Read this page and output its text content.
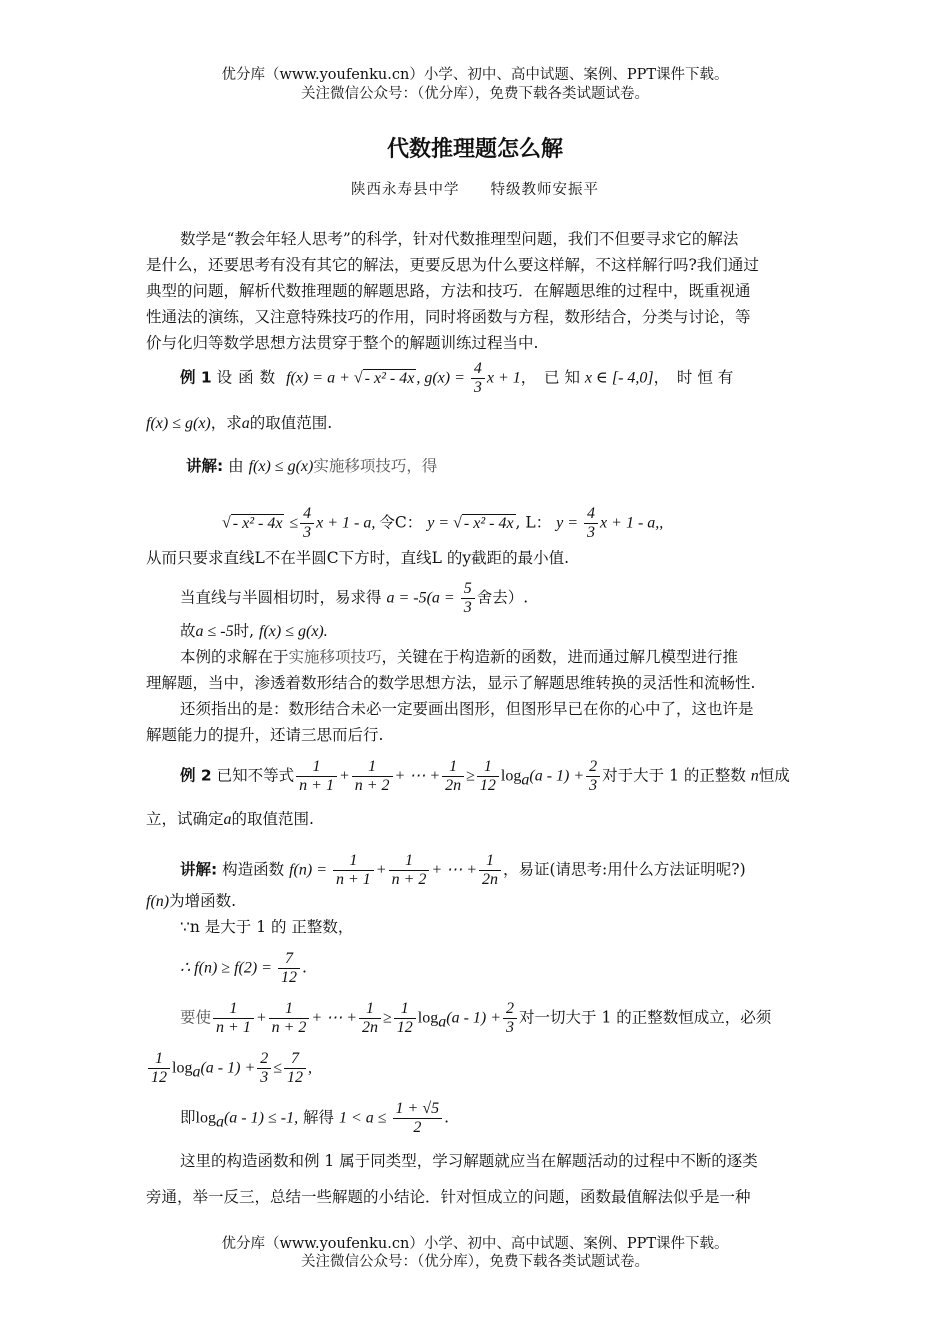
优分库（www.youfenku.cn）小学、初中、高中试题、案例、PPT课件下载。
关注微信公众号：（优分库），免费下载各类试题试卷。
代数推理题怎么解
陕西永寿县中学　　特级教师安振平
数学是“教会年轻人思考”的科学，针对代数推理型问题，我们不但要寻求它的解法
是什么，还要思考有没有其它的解法，更要反思为什么要这样解，不这样解行吗?我们通过
典型的问题，解析代数推理题的解题思路，方法和技巧．在解题思维的过程中，既重视通
性通法的演练，又注意特殊技巧的作用，同时将函数与方程，数形结合，分类与讨论，等
价与化归等数学思想方法贯穿于整个的解题训练过程当中.
例 1 设函数 f(x) = a + √ - x² - 4x , $g(x) = \frac{4}{3}$ x + 1，　已 知 x ∈ [- 4,0]，　时 恒 有
f(x) ≤ g(x)，求a的取值范围.
讲解: 由 f(x) ≤ g(x)实施移项技巧，得
√ - $x^2 - 4x \le \frac{4}{3}$ x + 1 - a, 令C： y = √ - x² - 4x , L： $y = \frac{4}{3}$ x + 1 - a,,
从而只要求直线L不在半圆C下方时，直线L 的y截距的最小值.
当直线与半圆相切时，易求得 $a = -5(a = \frac{5}{3}$ 舍去）.
故a ≤ -5时, f(x) ≤ g(x).
本例的求解在于实施移项技巧，关键在于构造新的函数，进而通过解几模型进行推
理解题，当中，渗透着数形结合的数学思想方法，显示了解题思维转换的灵活性和流畅性.
还须指出的是：数形结合未必一定要画出图形，但图形早已在你的心中了，这也许是
解题能力的提升，还请三思而后行.
例 2 已知不等式 $\frac{1}{n + 1} + \frac{1}{n + 2}$ + ⋯ + $\frac{1}{2n} \ge \frac{1}{12} \log_a(a - 1) + \frac{2}{3}$ 对于大于 1 的正整数 n恒成
立，试确定a的取值范围.
讲解: 构造函数 $f(n) = \frac{1}{n + 1} + \frac{1}{n + 2}$ + ⋯ + $\frac{1}{2n}$ ，易证(请思考:用什么方法证明呢?)
f(n)为增函数.
∵n 是大于 1 的 正整数，
∴ $f(n) \ge f(2) = \frac{7}{12}$ .
要使 $\frac{1}{n + 1} + \frac{1}{n + 2}$ + ⋯ + $\frac{1}{2n} \ge \frac{1}{12} \log_a(a - 1) + \frac{2}{3}$ 对一切大于 1 的正整数恒成立，必须
$\frac{1}{12} \log_a(a - 1) + \frac{2}{3} \le \frac{7}{12}$ ,
即$\log_a(a - 1) \le -1$, 解得 $1 < a \le \frac{1 + √5}{2}$ .
这里的构造函数和例 1 属于同类型，学习解题就应当在解题活动的过程中不断的逐类
旁通，举一反三，总结一些解题的小结论．针对恒成立的问题，函数最值解法似乎是一种
优分库（www.youfenku.cn）小学、初中、高中试题、案例、PPT课件下载。
关注微信公众号：（优分库），免费下载各类试题试卷。
